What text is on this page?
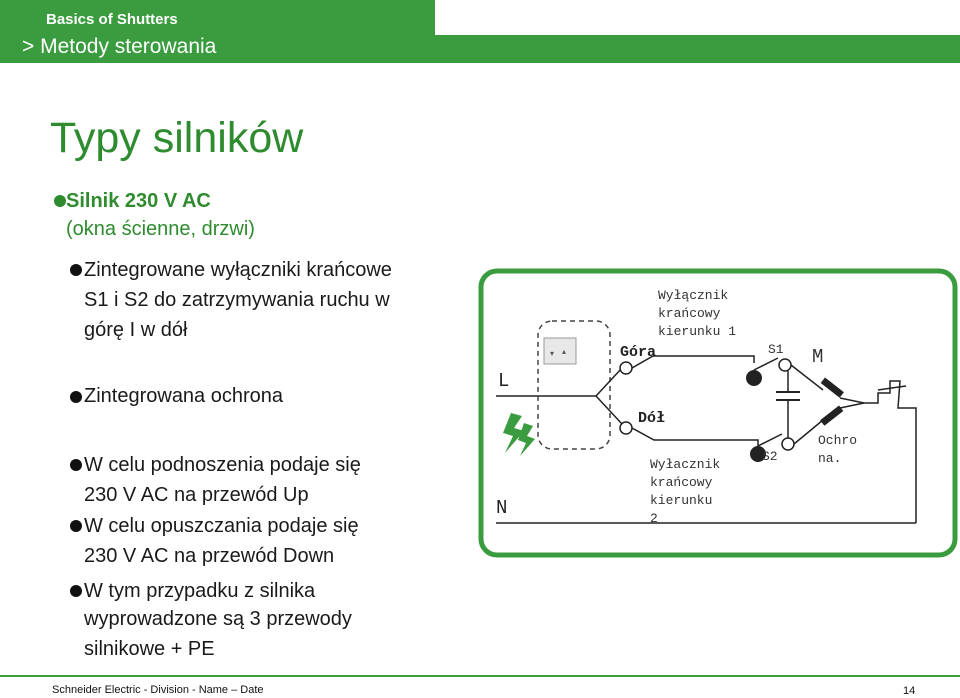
Basics of Shutters
> Metody sterowania
Typy silników
Silnik 230 V AC
(okna ścienne, drzwi)
Zintegrowane wyłączniki krańcowe
S1 i S2 do zatrzymywania ruchu w
górę I w dół
Zintegrowana ochrona
W celu podnoszenia podaje się
230 V AC na przewód Up
W celu opuszczania podaje się
230 V AC na przewód Down
W tym przypadku z silnika
wyprowadzone są 3 przewody
silnikowe + PE
L
N
▾ ▴
Wyłącznik
krańcowy
kierunku 1
Góra
Dół
Wyłacznik
krańcowy
kierunku
2
S1
S2
M
Ochro
na.
Schneider Electric - Division - Name – Date	14
